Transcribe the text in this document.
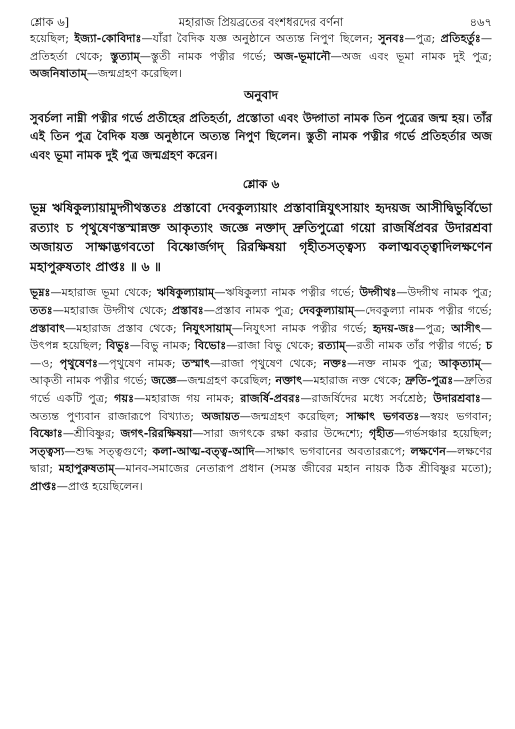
শ্লোক ৬]	মহারাজ প্রিয়ব্রতের বংশধরদের বর্ণনা	৪৬৭

হয়েছিল; ইজ্যা-কোবিদাঃ—যাঁরা বৈদিক যজ্ঞ অনুষ্ঠানে অত্যন্ত নিপুণ ছিলেন; সুনবঃ—পুত্র; প্রতিহর্তুঃ—প্রতিহর্তা থেকে; স্তুত্যাম্—স্তুতী নামক পত্নীর গর্ভে; অজ-ভূমানৌ—অজ এবং ভূমা নামক দুই পুত্র; অজনিষাতাম্—জন্মগ্রহণ করেছিল।

অনুবাদ

সুবর্চলা নাম্নী পত্নীর গর্ভে প্রতীহের প্রতিহর্তা, প্রস্তোতা এবং উদ্গাতা নামক তিন পুত্রের জন্ম হয়। তাঁর এই তিন পুত্র বৈদিক যজ্ঞ অনুষ্ঠানে অত্যন্ত নিপুণ ছিলেন। স্তুতী নামক পত্নীর গর্ভে প্রতিহর্তার অজ এবং ভূমা নামক দুই পুত্র জন্মগ্রহণ করেন।

শ্লোক ৬

ভূম্ন ঋষিকুল্যায়ামুদ্গীথস্ততঃ প্রস্তাবো দেবকুল্যায়াং প্রস্তাবান্নিযুৎসায়াং হৃদয়জ আসীদ্বিভুর্বিভো রত্যাং চ পৃথুষেণস্তস্মান্নক্ত আকৃত্যাং জজ্ঞে নক্তাদ্ দ্রুতিপুত্রো গয়ো রাজর্ষিপ্রবর উদারশ্রবা অজায়ত সাক্ষাদ্ভগবতো বিষ্ণোর্জগদ্ রিরক্ষিষয়া গৃহীতসত্ত্বস্য কলাত্মবত্ত্বাদিলক্ষণেন মহাপুরুষতাং প্রাপ্তঃ ॥ ৬ ॥

ভূম্নঃ—মহারাজ ভূমা থেকে; ঋষিকুল্যায়াম্—ঋষিকুল্যা নামক পত্নীর গর্ভে; উদ্গীথঃ—উদ্গীথ নামক পুত্র; ততঃ—মহারাজ উদ্গীথ থেকে; প্রস্তাবঃ—প্রস্তাব নামক পুত্র; দেবকুল্যায়াম্—দেবকুল্যা নামক পত্নীর গর্ভে; প্রস্তাবাৎ—মহারাজ প্রস্তাব থেকে; নিযুৎসায়াম্—নিযুৎসা নামক পত্নীর গর্ভে; হৃদয়-জঃ—পুত্র; আসীৎ—উৎপন্ন হয়েছিল; বিভুঃ—বিভু নামক; বিভোঃ—রাজা বিভু থেকে; রত্যাম্—রতী নামক তাঁর পত্নীর গর্ভে; চ—ও; পৃথুষেণঃ—পৃথুষেণ নামক; তস্মাৎ—রাজা পৃথুষেণ থেকে; নক্তঃ—নক্ত নামক পুত্র; আকৃত্যাম্—আকৃতী নামক পত্নীর গর্ভে; জজ্ঞে—জন্মগ্রহণ করেছিল; নক্তাৎ—মহারাজ নক্ত থেকে; দ্রুতি-পুত্রঃ—দ্রুতির গর্ভে একটি পুত্র; গয়ঃ—মহারাজ গয় নামক; রাজর্ষি-প্রবরঃ—রাজর্ষিদের মধ্যে সর্বশ্রেষ্ঠ; উদারশ্রবাঃ—অত্যন্ত পুণ্যবান রাজারূপে বিখ্যাত; অজায়ত—জন্মগ্রহণ করেছিল; সাক্ষাৎ ভগবতঃ—স্বয়ং ভগবান; বিষ্ণোঃ—শ্রীবিষ্ণুর; জগৎ-রিরক্ষিষয়া—সারা জগৎকে রক্ষা করার উদ্দেশ্যে; গৃহীত—গর্ভসঞ্চার হয়েছিল; সত্ত্বস্য—শুদ্ধ সত্ত্বগুণে; কলা-আত্ম-বত্ত্ব-আদি—সাক্ষাৎ ভগবানের অবতাররূপে; লক্ষণেন—লক্ষণের দ্বারা; মহাপুরুষতাম্—মানব-সমাজের নেতারূপ প্রধান (সমস্ত জীবের মহান নায়ক ঠিক শ্রীবিষ্ণুর মতো); প্রাপ্তঃ—প্রাপ্ত হয়েছিলেন।
